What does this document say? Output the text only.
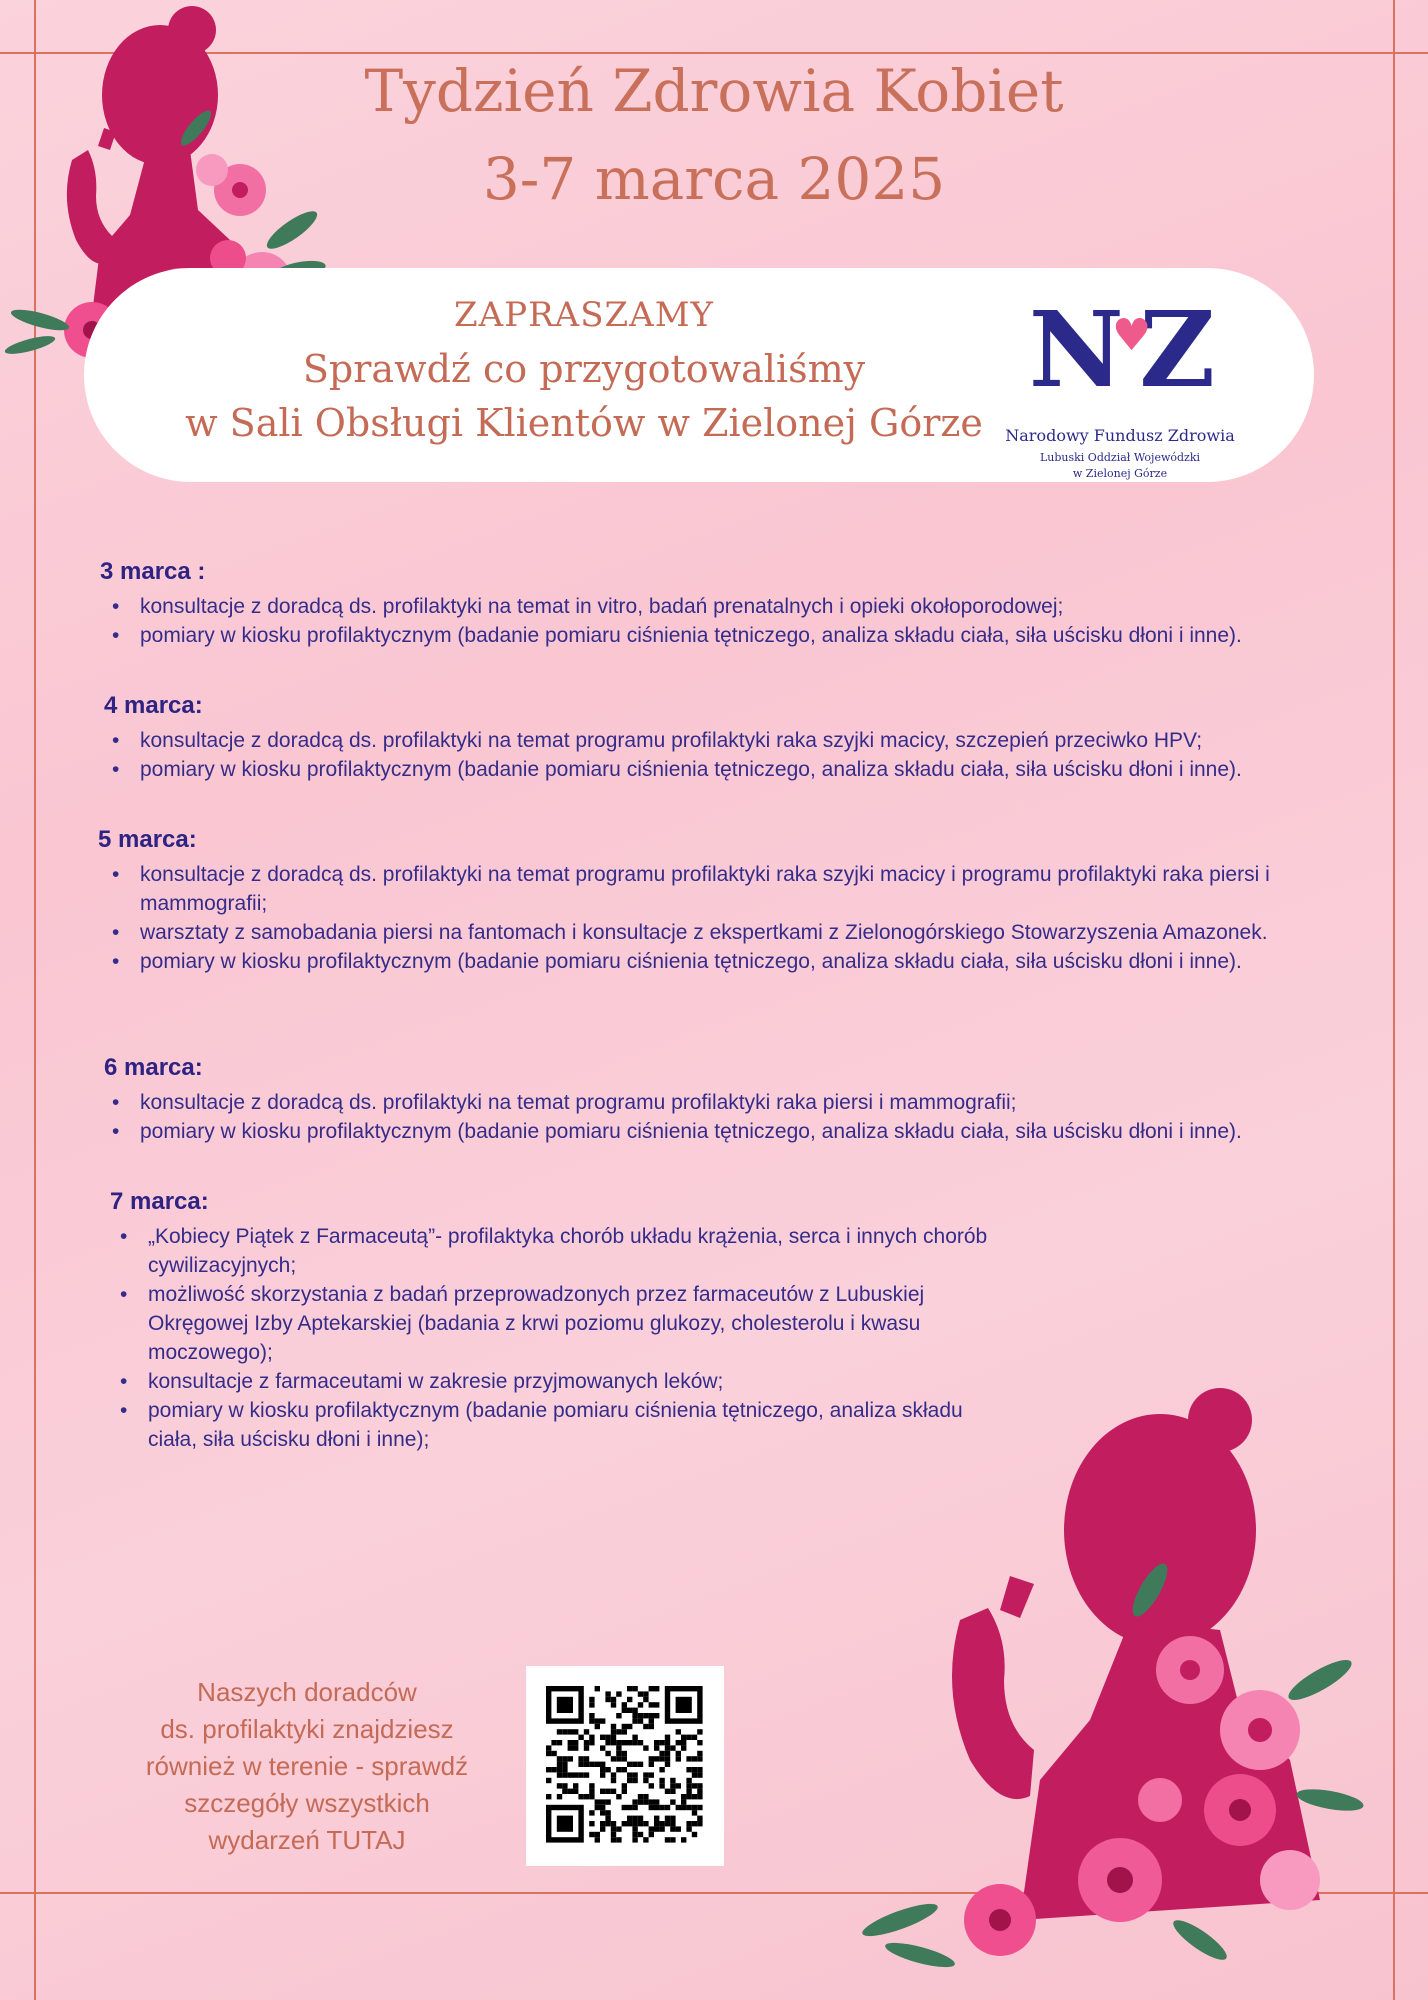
Tydzień Zdrowia Kobiet
3-7 marca 2025
ZAPRASZAMY
Sprawdź co przygotowaliśmy
w Sali Obsługi Klientów w Zielonej Górze
N♥Z
Narodowy Fundusz Zdrowia
Lubuski Oddział Wojewódzki
w Zielonej Górze
3 marca :
• konsultacje z doradcą ds. profilaktyki na temat in vitro, badań prenatalnych i opieki okołoporodowej;
• pomiary w kiosku profilaktycznym (badanie pomiaru ciśnienia tętniczego, analiza składu ciała, siła uścisku dłoni i inne).
4 marca:
• konsultacje z doradcą ds. profilaktyki na temat programu profilaktyki raka szyjki macicy, szczepień przeciwko HPV;
• pomiary w kiosku profilaktycznym (badanie pomiaru ciśnienia tętniczego, analiza składu ciała, siła uścisku dłoni i inne).
5 marca:
• konsultacje z doradcą ds. profilaktyki na temat programu profilaktyki raka szyjki macicy i programu profilaktyki raka piersi i mammografii;
• warsztaty z samobadania piersi na fantomach i konsultacje z ekspertkami z Zielonogórskiego Stowarzyszenia Amazonek.
• pomiary w kiosku profilaktycznym (badanie pomiaru ciśnienia tętniczego, analiza składu ciała, siła uścisku dłoni i inne).
6 marca:
• konsultacje z doradcą ds. profilaktyki na temat programu profilaktyki raka piersi i mammografii;
• pomiary w kiosku profilaktycznym (badanie pomiaru ciśnienia tętniczego, analiza składu ciała, siła uścisku dłoni i inne).
7 marca:
• „Kobiecy Piątek z Farmaceutą”- profilaktyka chorób układu krążenia, serca i innych chorób cywilizacyjnych;
• możliwość skorzystania z badań przeprowadzonych przez farmaceutów z Lubuskiej Okręgowej Izby Aptekarskiej (badania z krwi poziomu glukozy, cholesterolu i kwasu moczowego);
• konsultacje z farmaceutami w zakresie przyjmowanych leków;
• pomiary w kiosku profilaktycznym (badanie pomiaru ciśnienia tętniczego, analiza składu ciała, siła uścisku dłoni i inne);
Naszych doradców
ds. profilaktyki znajdziesz
również w terenie - sprawdź
szczegóły wszystkich
wydarzeń TUTAJ
